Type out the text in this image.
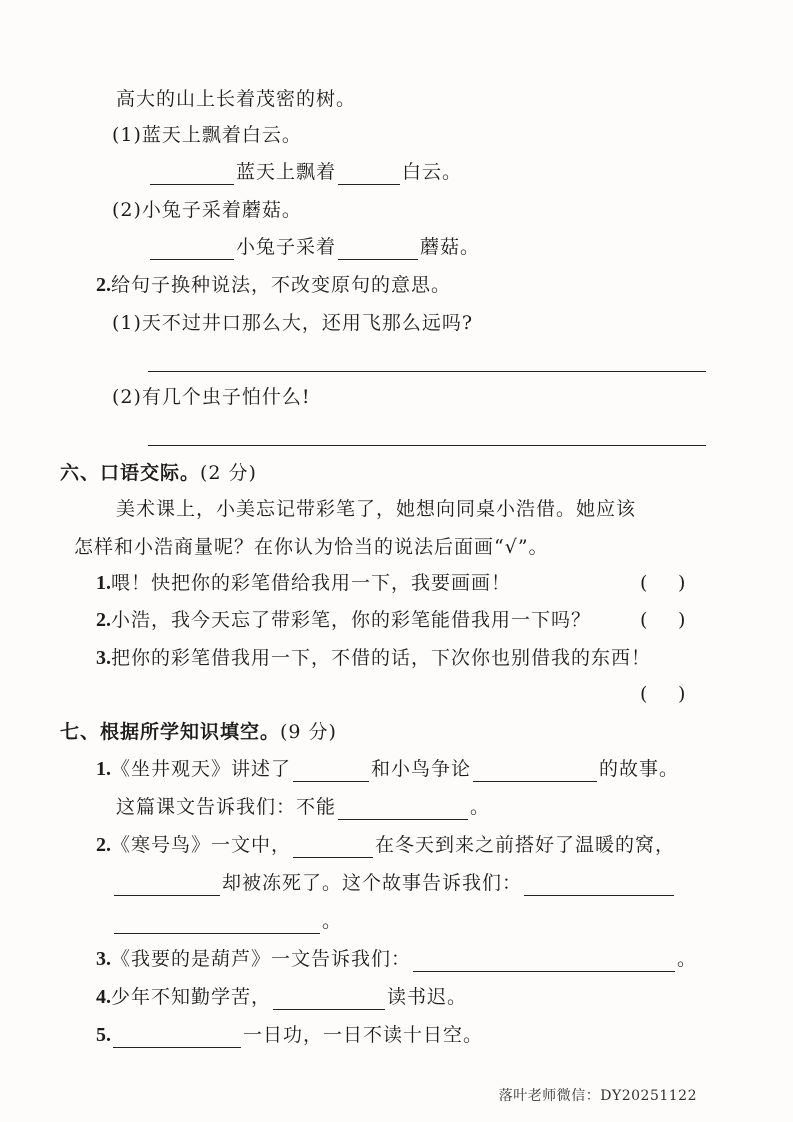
高大的山上长着茂密的树。
(1)蓝天上飘着白云。
蓝天上飘着	白云。
(2)小兔子采着蘑菇。
小兔子采着	蘑菇。
2.给句子换种说法，不改变原句的意思。
(1)天不过井口那么大，还用飞那么远吗?
(2)有几个虫子怕什么!
六、口语交际。(2 分)
美术课上，小美忘记带彩笔了，她想向同桌小浩借。她应该
怎样和小浩商量呢？在你认为恰当的说法后面画“√”。
1.喂！快把你的彩笔借给我用一下，我要画画！	( )
2.小浩，我今天忘了带彩笔，你的彩笔能借我用一下吗？	( )
3.把你的彩笔借我用一下，不借的话，下次你也别借我的东西！
( )
七、根据所学知识填空。(9 分)
1.《坐井观天》讲述了	和小鸟争论	的故事。
这篇课文告诉我们：不能	。
2.《寒号鸟》一文中，	在冬天到来之前搭好了温暖的窝，
却被冻死了。这个故事告诉我们：
。
3.《我要的是葫芦》一文告诉我们：	。
4.少年不知勤学苦，	读书迟。
5.	一日功，一日不读十日空。
落叶老师微信：DY20251122
